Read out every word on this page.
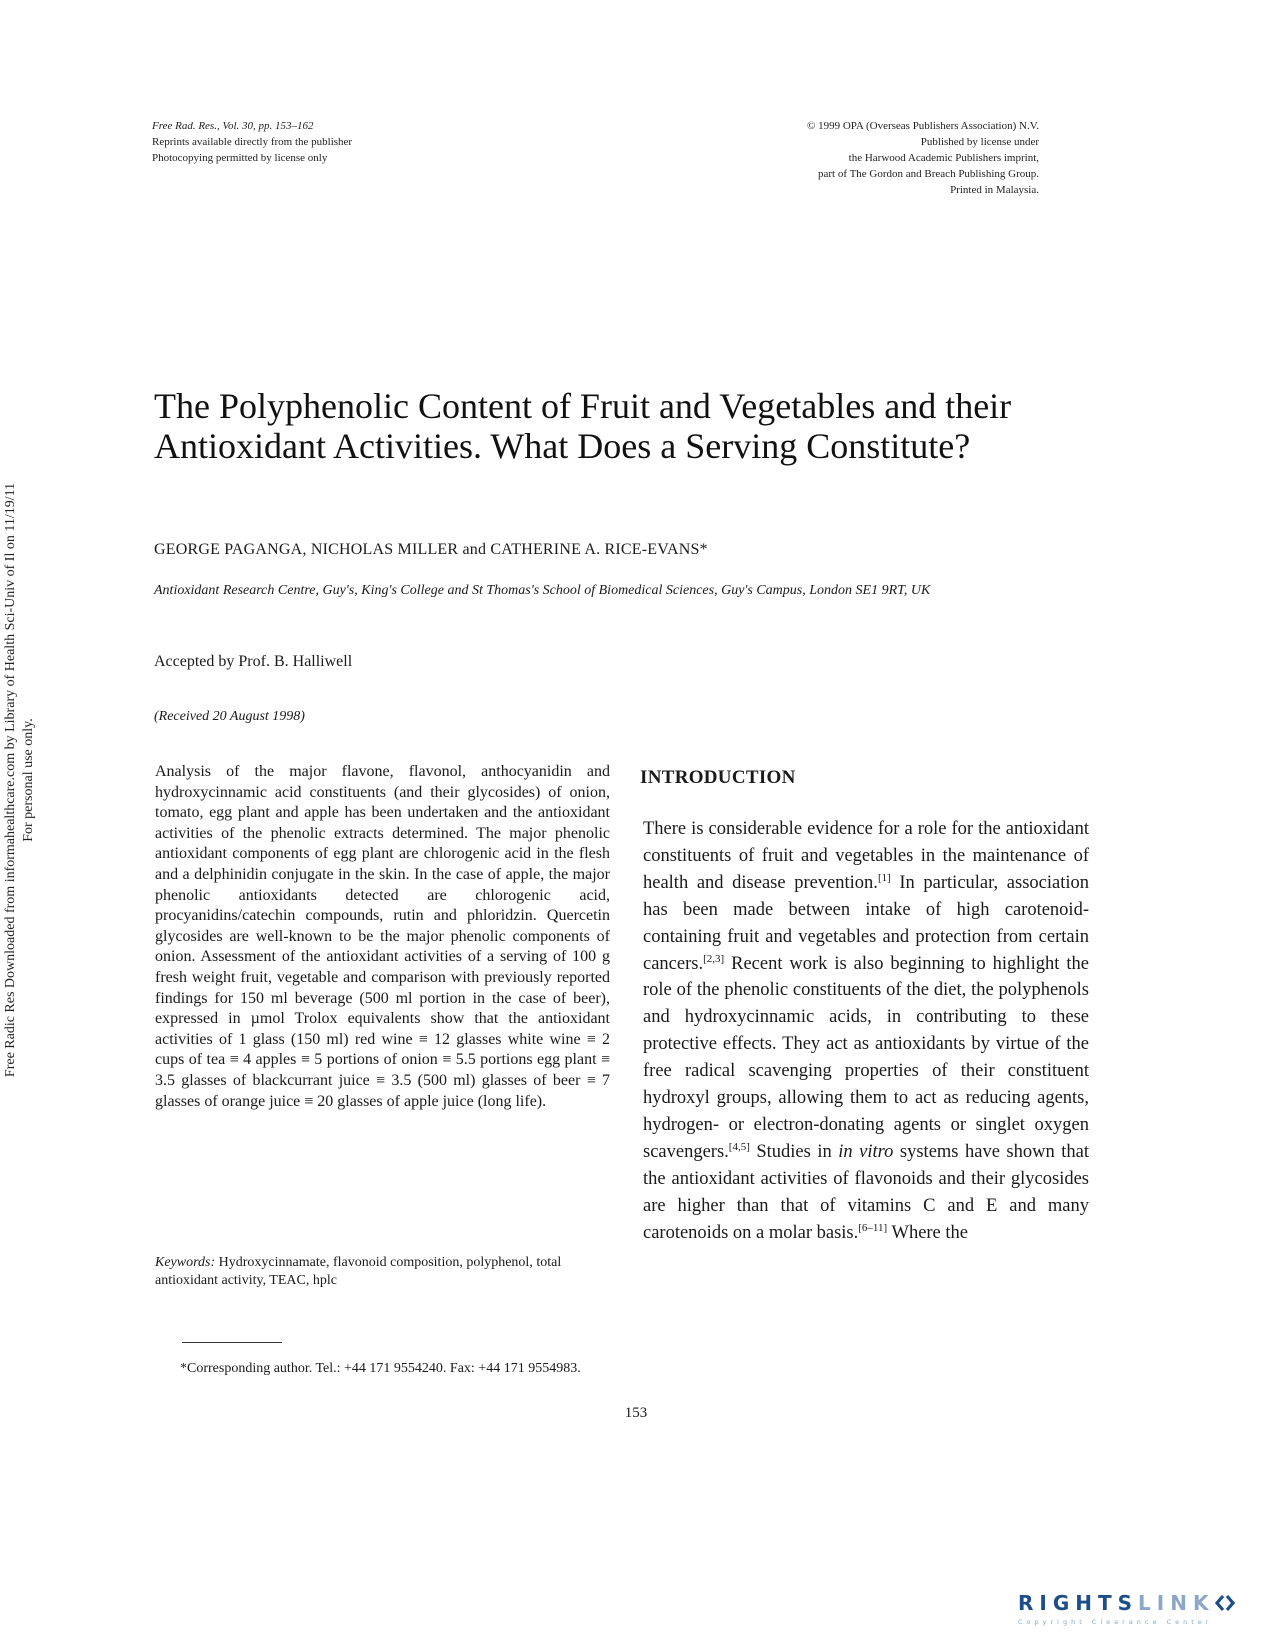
Free Rad. Res., Vol. 30, pp. 153–162
Reprints available directly from the publisher
Photocopying permitted by license only
© 1999 OPA (Overseas Publishers Association) N.V.
Published by license under
the Harwood Academic Publishers imprint,
part of The Gordon and Breach Publishing Group.
Printed in Malaysia.
Free Radic Res Downloaded from informahealthcare.com by Library of Health Sci-Univ of Il on 11/19/11 For personal use only.
The Polyphenolic Content of Fruit and Vegetables and their Antioxidant Activities. What Does a Serving Constitute?
GEORGE PAGANGA, NICHOLAS MILLER and CATHERINE A. RICE-EVANS*
Antioxidant Research Centre, Guy's, King's College and St Thomas's School of Biomedical Sciences, Guy's Campus, London SE1 9RT, UK
Accepted by Prof. B. Halliwell
(Received 20 August 1998)
Analysis of the major flavone, flavonol, anthocyanidin and hydroxycinnamic acid constituents (and their glycosides) of onion, tomato, egg plant and apple has been undertaken and the antioxidant activities of the phenolic extracts determined. The major phenolic antioxidant components of egg plant are chlorogenic acid in the flesh and a delphinidin conjugate in the skin. In the case of apple, the major phenolic antioxidants detected are chlorogenic acid, procyanidins/catechin compounds, rutin and phloridzin. Quercetin glycosides are well-known to be the major phenolic components of onion. Assessment of the antioxidant activities of a serving of 100 g fresh weight fruit, vegetable and comparison with previously reported findings for 150 ml beverage (500 ml portion in the case of beer), expressed in µmol Trolox equivalents show that the antioxidant activities of 1 glass (150 ml) red wine ≡ 12 glasses white wine ≡ 2 cups of tea ≡ 4 apples ≡ 5 portions of onion ≡ 5.5 portions egg plant ≡ 3.5 glasses of blackcurrant juice ≡ 3.5 (500 ml) glasses of beer ≡ 7 glasses of orange juice ≡ 20 glasses of apple juice (long life).
Keywords: Hydroxycinnamate, flavonoid composition, polyphenol, total antioxidant activity, TEAC, hplc
INTRODUCTION
There is considerable evidence for a role for the antioxidant constituents of fruit and vegetables in the maintenance of health and disease prevention.[1] In particular, association has been made between intake of high carotenoid-containing fruit and vegetables and protection from certain cancers.[2,3] Recent work is also beginning to highlight the role of the phenolic constituents of the diet, the polyphenols and hydroxycinnamic acids, in contributing to these protective effects. They act as antioxidants by virtue of the free radical scavenging properties of their constituent hydroxyl groups, allowing them to act as reducing agents, hydrogen- or electron-donating agents or singlet oxygen scavengers.[4,5] Studies in in vitro systems have shown that the antioxidant activities of flavonoids and their glycosides are higher than that of vitamins C and E and many carotenoids on a molar basis.[6–11] Where the
*Corresponding author. Tel.: +44 171 9554240. Fax: +44 171 9554983.
153
RIGHTSLINK
Copyright Clearance Center
